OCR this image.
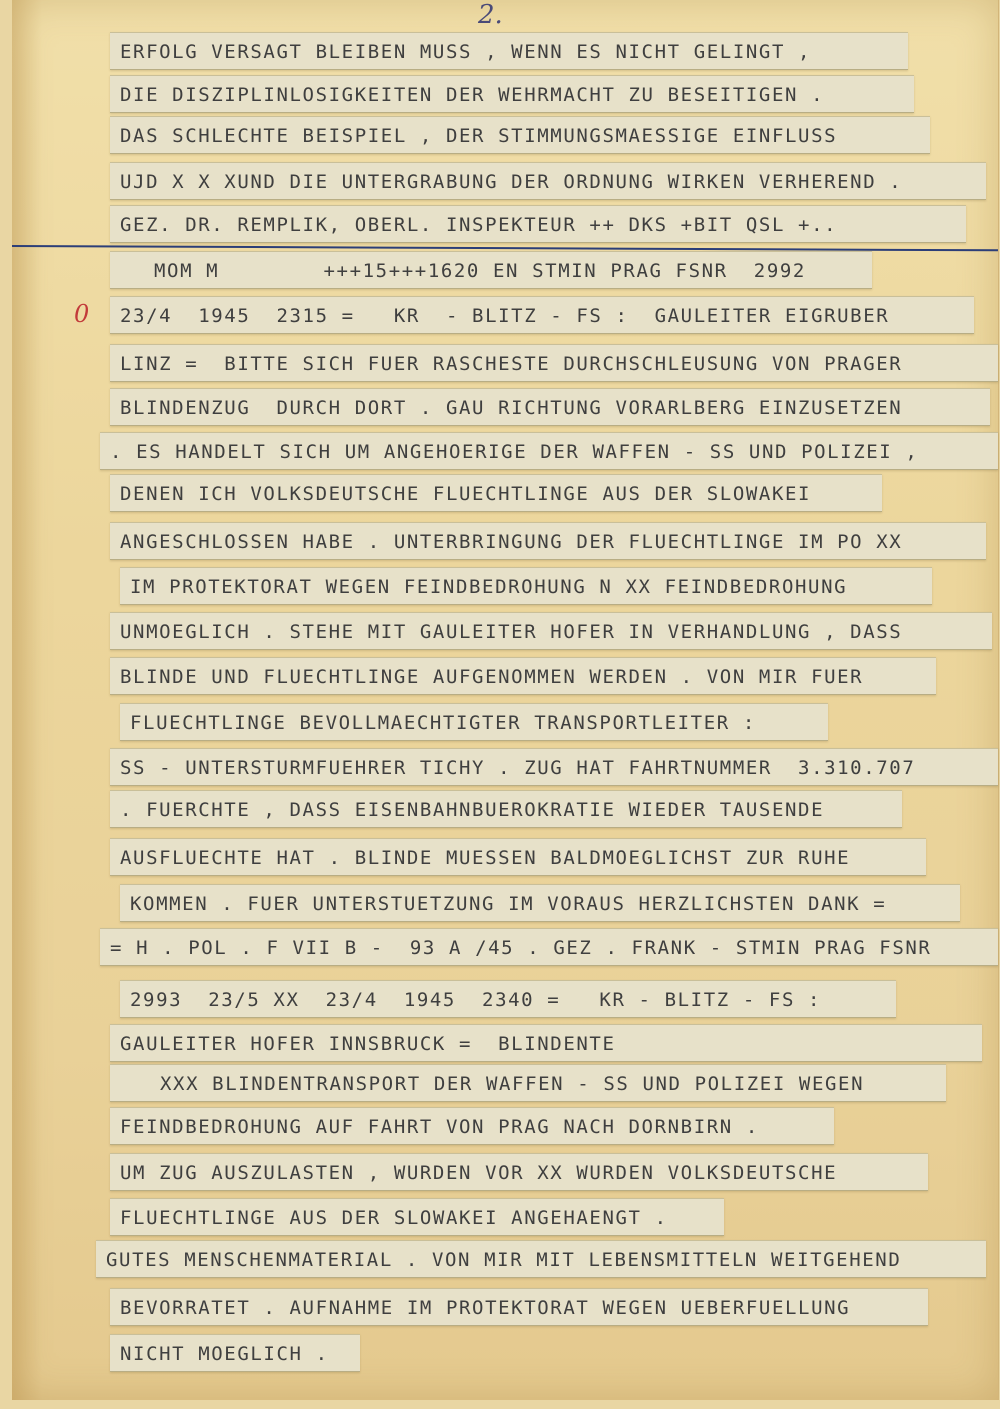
2.
0
ERFOLG VERSAGT BLEIBEN MUSS , WENN ES NICHT GELINGT ,
DIE DISZIPLINLOSIGKEITEN DER WEHRMACHT ZU BESEITIGEN .
DAS SCHLECHTE BEISPIEL , DER STIMMUNGSMAESSIGE EINFLUSS
UJD X X XUND DIE UNTERGRABUNG DER ORDNUNG WIRKEN VERHEREND .
GEZ. DR. REMPLIK, OBERL. INSPEKTEUR ++ DKS +BIT QSL +..
MOM M        +++15+++1620 EN STMIN PRAG FSNR  2992
23/4  1945  2315 =   KR  - BLITZ - FS :  GAULEITER EIGRUBER
LINZ =  BITTE SICH FUER RASCHESTE DURCHSCHLEUSUNG VON PRAGER
BLINDENZUG  DURCH DORT . GAU RICHTUNG VORARLBERG EINZUSETZEN
. ES HANDELT SICH UM ANGEHOERIGE DER WAFFEN - SS UND POLIZEI ,
DENEN ICH VOLKSDEUTSCHE FLUECHTLINGE AUS DER SLOWAKEI
ANGESCHLOSSEN HABE . UNTERBRINGUNG DER FLUECHTLINGE IM PO XX
IM PROTEKTORAT WEGEN FEINDBEDROHUNG N XX FEINDBEDROHUNG
UNMOEGLICH . STEHE MIT GAULEITER HOFER IN VERHANDLUNG , DASS
BLINDE UND FLUECHTLINGE AUFGENOMMEN WERDEN . VON MIR FUER
FLUECHTLINGE BEVOLLMAECHTIGTER TRANSPORTLEITER :
SS - UNTERSTURMFUEHRER TICHY . ZUG HAT FAHRTNUMMER  3.310.707
. FUERCHTE , DASS EISENBAHNBUEROKRATIE WIEDER TAUSENDE
AUSFLUECHTE HAT . BLINDE MUESSEN BALDMOEGLICHST ZUR RUHE
KOMMEN . FUER UNTERSTUETZUNG IM VORAUS HERZLICHSTEN DANK =
= H . POL . F VII B -  93 A /45 . GEZ . FRANK - STMIN PRAG FSNR
2993  23/5 XX  23/4  1945  2340 =   KR - BLITZ - FS :
GAULEITER HOFER INNSBRUCK =  BLINDENTE
XXX BLINDENTRANSPORT DER WAFFEN - SS UND POLIZEI WEGEN
FEINDBEDROHUNG AUF FAHRT VON PRAG NACH DORNBIRN .
UM ZUG AUSZULASTEN , WURDEN VOR XX WURDEN VOLKSDEUTSCHE
FLUECHTLINGE AUS DER SLOWAKEI ANGEHAENGT .
GUTES MENSCHENMATERIAL . VON MIR MIT LEBENSMITTELN WEITGEHEND
BEVORRATET . AUFNAHME IM PROTEKTORAT WEGEN UEBERFUELLUNG
NICHT MOEGLICH .
